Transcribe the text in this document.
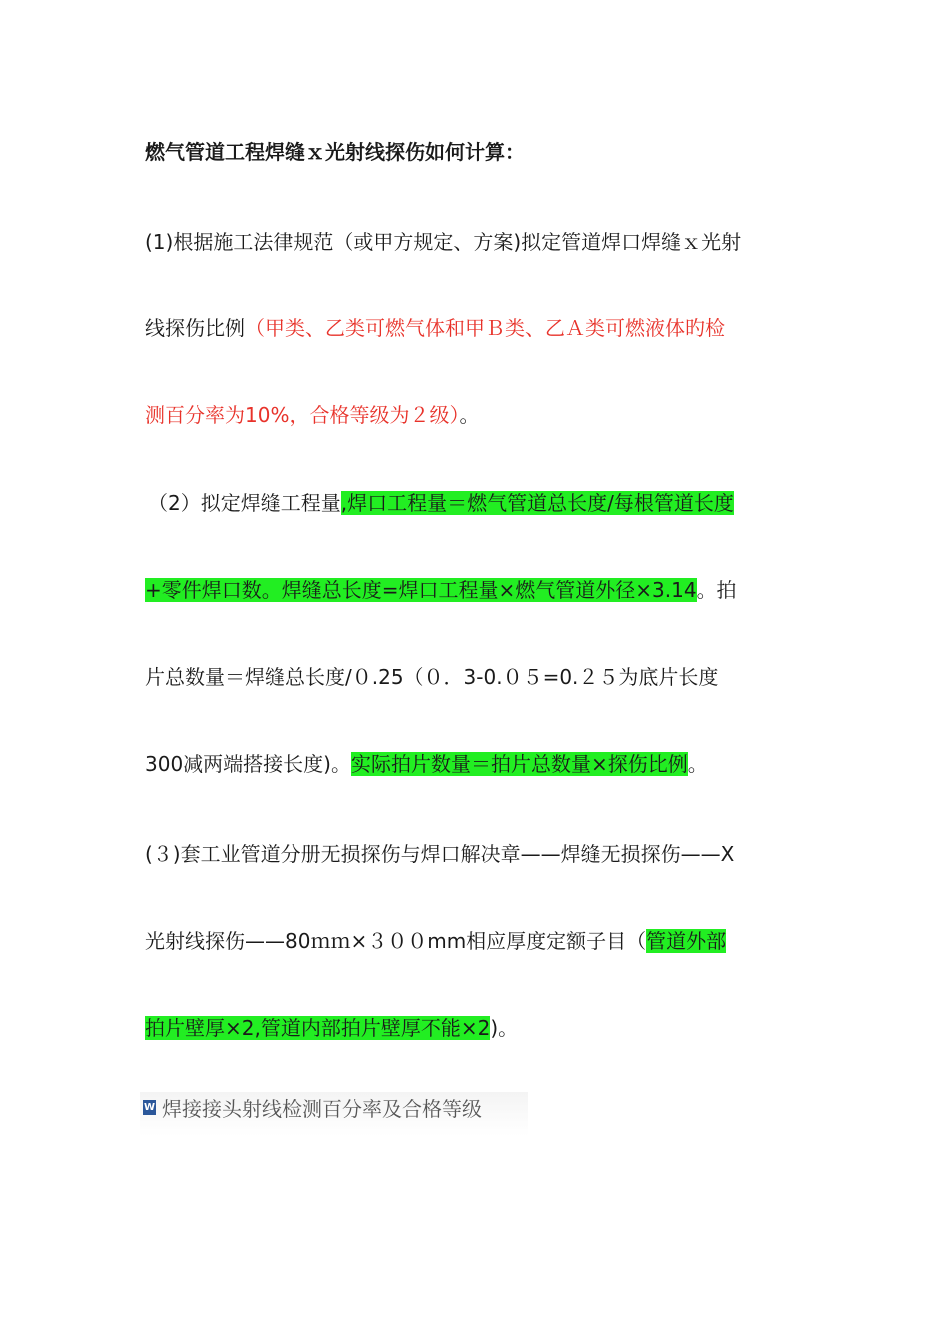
燃气管道工程焊缝ｘ光射线探伤如何计算：
(1)根据施工法律规范（或甲方规定、方案)拟定管道焊口焊缝ｘ光射
线探伤比例（甲类、乙类可燃气体和甲Ｂ类、乙Ａ类可燃液体旳检
测百分率为10%，合格等级为２级）。
（2）拟定焊缝工程量,焊口工程量＝燃气管道总长度/每根管道长度
+零件焊口数。焊缝总长度=焊口工程量×燃气管道外径×3.14。拍
片总数量＝焊缝总长度/０.25（０．3-0.０５=0.２５为底片长度
300减两端搭接长度)。实际拍片数量＝拍片总数量×探伤比例。
(３)套工业管道分册无损探伤与焊口解决章——焊缝无损探伤——X
光射线探伤——80ｍｍ×３００mm相应厚度定额子目（管道外部
拍片壁厚×2,管道内部拍片壁厚不能×2)。
W 焊接接头射线检测百分率及合格等级
